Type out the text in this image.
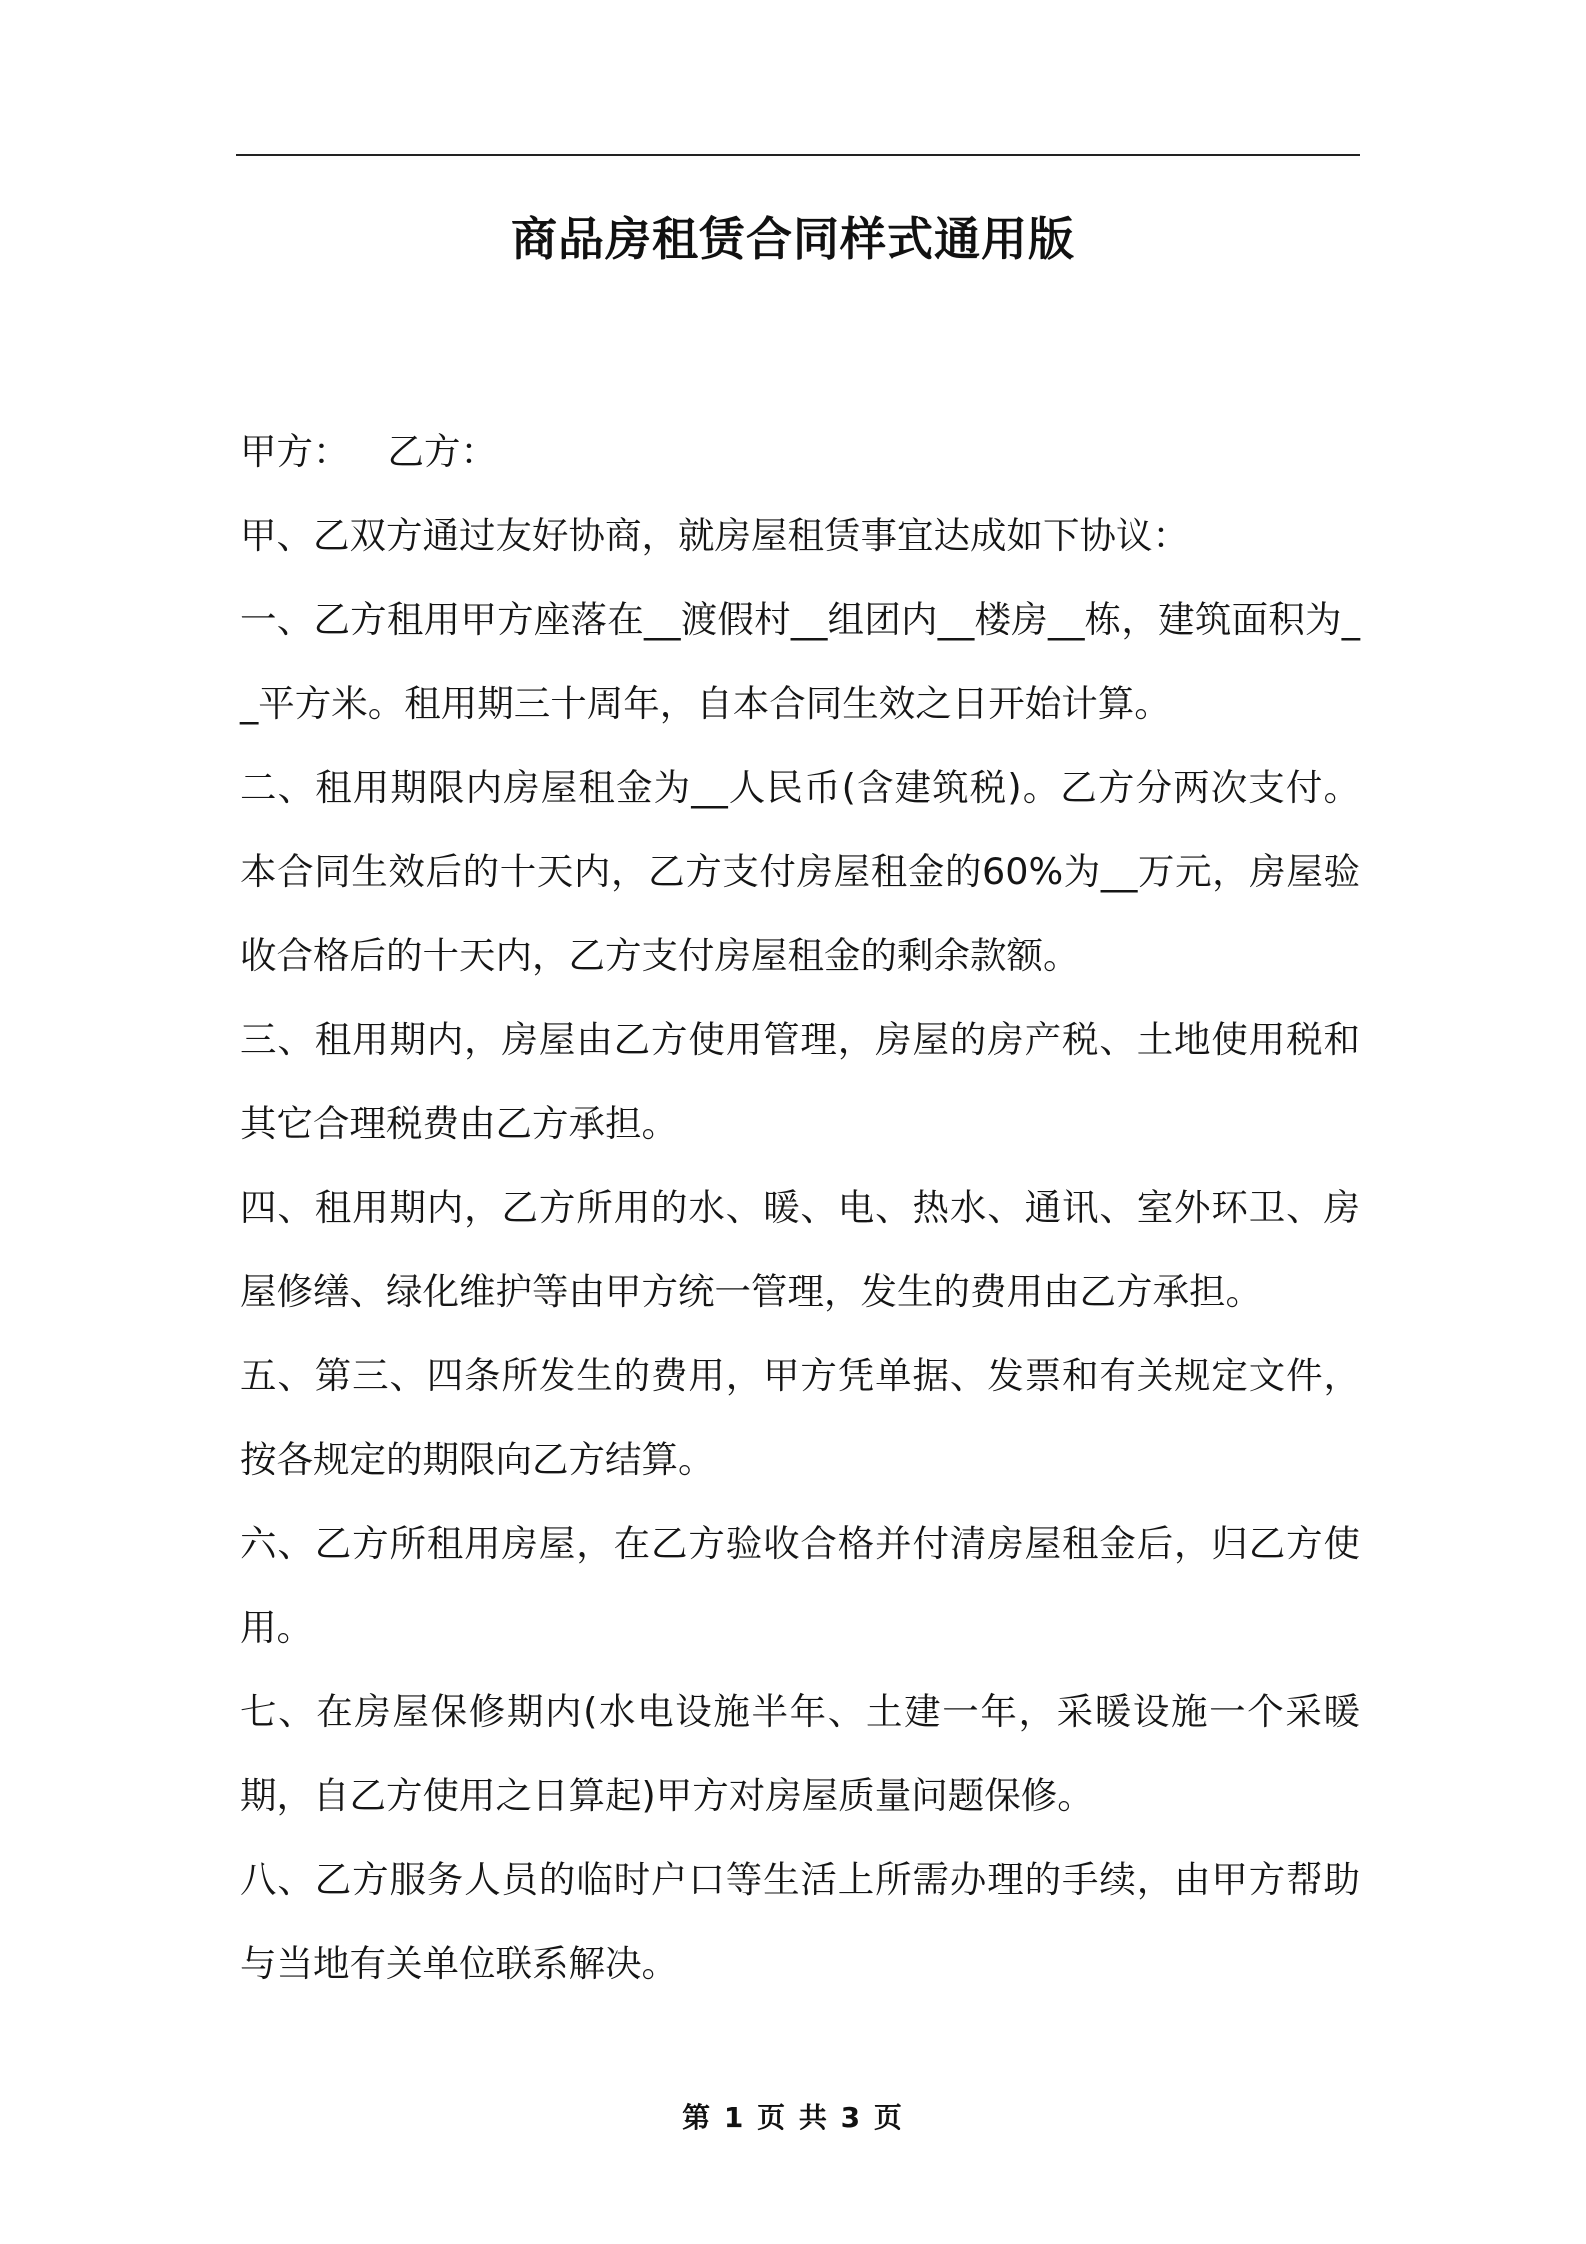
商品房租赁合同样式通用版

甲方： 乙方：

甲、乙双方通过友好协商，就房屋租赁事宜达成如下协议：

一、乙方租用甲方座落在__渡假村__组团内__楼房__栋，建筑面积为__平方米。租用期三十周年，自本合同生效之日开始计算。

二、租用期限内房屋租金为__人民币(含建筑税)。乙方分两次支付。本合同生效后的十天内，乙方支付房屋租金的60%为__万元，房屋验收合格后的十天内，乙方支付房屋租金的剩余款额。

三、租用期内，房屋由乙方使用管理，房屋的房产税、土地使用税和其它合理税费由乙方承担。

四、租用期内，乙方所用的水、暖、电、热水、通讯、室外环卫、房屋修缮、绿化维护等由甲方统一管理，发生的费用由乙方承担。

五、第三、四条所发生的费用，甲方凭单据、发票和有关规定文件，按各规定的期限向乙方结算。

六、乙方所租用房屋，在乙方验收合格并付清房屋租金后，归乙方使用。

七、在房屋保修期内(水电设施半年、土建一年，采暖设施一个采暖期，自乙方使用之日算起)甲方对房屋质量问题保修。

八、乙方服务人员的临时户口等生活上所需办理的手续，由甲方帮助与当地有关单位联系解决。

第 1 页 共 3 页
